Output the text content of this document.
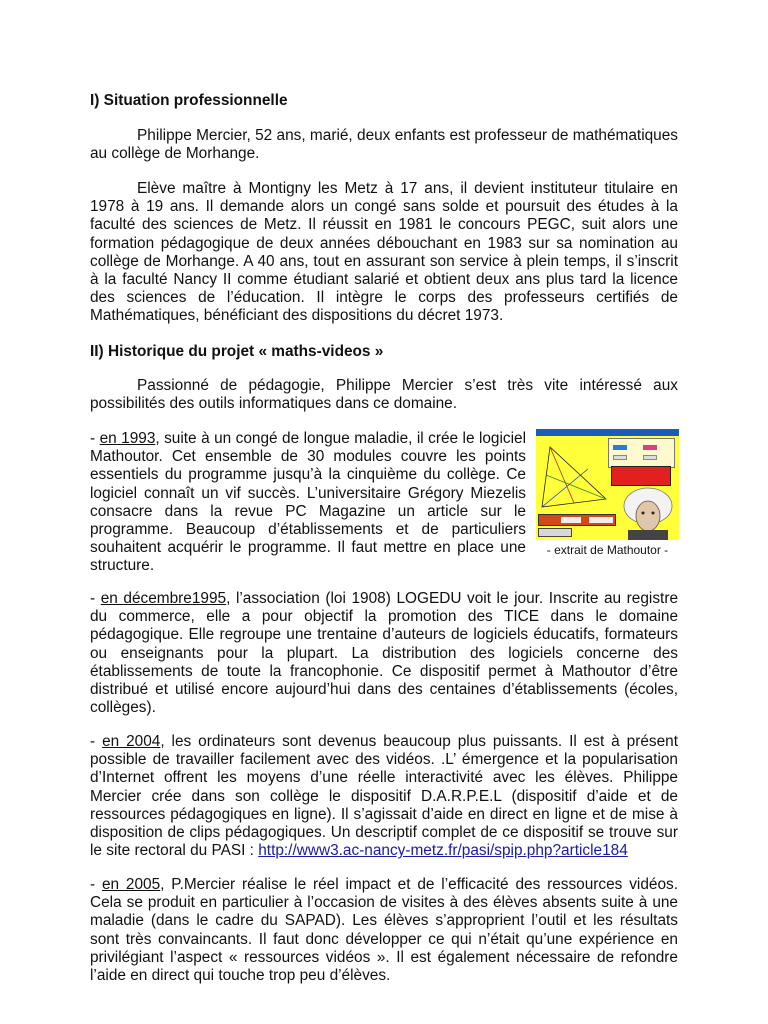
I) Situation professionnelle
Philippe Mercier, 52 ans, marié, deux enfants est professeur de mathématiques au collège de Morhange.
Elève maître à Montigny les Metz à 17 ans, il devient instituteur titulaire en 1978 à 19 ans. Il demande alors un congé sans solde et poursuit des études à la faculté des sciences de Metz. Il réussit en 1981 le concours PEGC, suit alors une formation pédagogique de deux années débouchant en 1983 sur sa nomination au collège de Morhange. A 40 ans, tout en assurant son service à plein temps, il s’inscrit à la faculté Nancy II comme étudiant salarié et obtient deux ans plus tard la licence des sciences de l’éducation. Il intègre le corps des professeurs certifiés de Mathématiques, bénéficiant des dispositions du décret 1973.
II) Historique du projet « maths-videos »
Passionné de pédagogie, Philippe Mercier s’est très vite intéressé aux possibilités des outils informatiques dans ce domaine.
- en 1993, suite à un congé de longue maladie, il crée le logiciel Mathoutor. Cet ensemble de 30 modules couvre les points essentiels du programme jusqu’à la cinquième du collège. Ce logiciel connaît un vif succès. L’universitaire Grégory Miezelis consacre dans la revue PC Magazine un article sur le programme. Beaucoup d’établissements et de particuliers souhaitent acquérir le programme. Il faut mettre en place une structure.
- extrait de Mathoutor -
- en décembre1995, l’association (loi 1908) LOGEDU voit le jour. Inscrite au registre du commerce, elle a pour objectif la promotion des TICE dans le domaine pédagogique. Elle regroupe une trentaine d’auteurs de logiciels éducatifs, formateurs ou enseignants pour la plupart. La distribution des logiciels concerne des établissements de toute la francophonie. Ce dispositif permet à Mathoutor d’être distribué et utilisé encore aujourd’hui dans des centaines d’établissements (écoles, collèges).
- en 2004, les ordinateurs sont devenus beaucoup plus puissants. Il est à présent possible de travailler facilement avec des vidéos. .L’ émergence et la popularisation d’Internet offrent les moyens d’une réelle interactivité avec les élèves. Philippe Mercier crée dans son collège le dispositif D.A.R.P.E.L (dispositif d’aide et de ressources pédagogiques en ligne). Il s’agissait d’aide en direct en ligne et de mise à disposition de clips pédagogiques. Un descriptif complet de ce dispositif se trouve sur le site rectoral du PASI : http://www3.ac-nancy-metz.fr/pasi/spip.php?article184
- en 2005, P.Mercier réalise le réel impact et de l’efficacité des ressources vidéos. Cela se produit en particulier à l’occasion de visites à des élèves absents suite à une maladie (dans le cadre du SAPAD). Les élèves s’approprient l’outil et les résultats sont très convaincants. Il faut donc développer ce qui n’était qu’une expérience en privilégiant l’aspect « ressources vidéos ». Il est également nécessaire de refondre l’aide en direct qui touche trop peu d’élèves.
